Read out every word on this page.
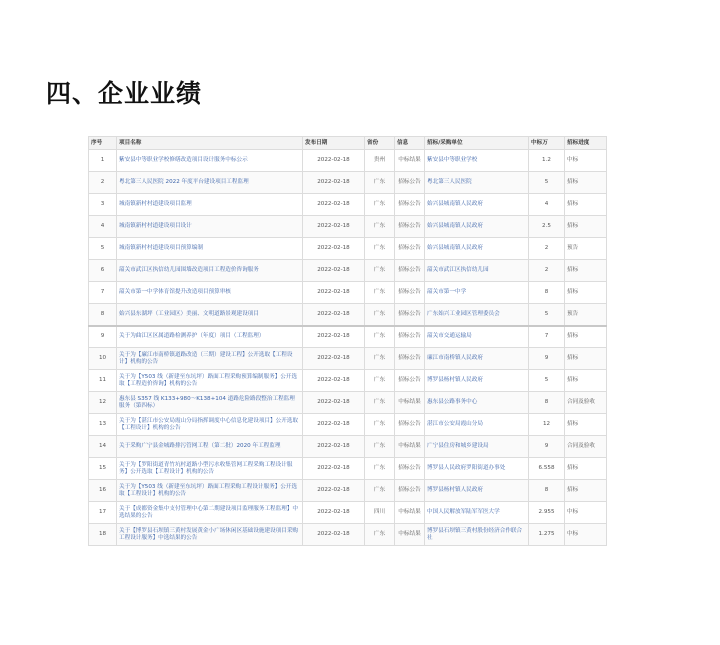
四、企业业绩
序号	项目名称	发布日期	省份	信息	招标/采购单位	中标万	招标进度
1	紫安县中等职业学校修缮改造项目设计服务中标公示	2022-02-18	贵州	中标结果	紫安县中等职业学校	1.2	中标
2	粤北第三人民医院 2022 年度平台建设项目工程监理	2022-02-18	广东	招标公告	粤北第三人民医院	5	招标
3	城南镇新村村道建设项目监理	2022-02-18	广东	招标公告	始兴县城南镇人民政府	4	招标
4	城南镇新村村道建设项目设计	2022-02-18	广东	招标公告	始兴县城南镇人民政府	2.5	招标
5	城南镇新村村道建设项目预算编制	2022-02-18	广东	招标公告	始兴县城南镇人民政府	2	预告
6	韶关市武江区执信幼儿园围墙改造项目工程造价咨询服务	2022-02-18	广东	招标公告	韶关市武江区执信幼儿园	2	招标
7	韶关市第一中学体育馆提升改造项目预算审核	2022-02-18	广东	招标公告	韶关市第一中学	8	招标
8	始兴县东湖坪（工业园区）美丽、文明道路景观建设项目	2022-02-18	广东	招标公告	广东始兴工业园区管理委员会	5	预告
9	关于为曲江区区属道路检测养护（年度）项目（工程监理）	2022-02-18	广东	招标公告	韶关市交通运输局	7	招标
10	关于为【廉江市南桥镇道路改造（三期）建设工程】公开选取【工程设计】机构的公告	2022-02-18	广东	招标公告	廉江市南桥镇人民政府	9	招标
11	关于为【Y503 线（新建至东坑坪）路面工程采购预算编制服务】公开选取【工程造价咨询】机构的公告	2022-02-18	广东	招标公告	博罗县杨村镇人民政府	5	招标
12	惠东县 S357 线 K133+980～K138+104 道路危险路段整治工程监理服务（第四标）	2022-02-18	广东	中标结果	惠东县公路事务中心	8	合同及验收
13	关于为【湛江市公安局霞山分局指挥调度中心信息化建设项目】公开选取【工程设计】机构的公告	2022-02-18	广东	招标公告	湛江市公安局霞山分局	12	招标
14	关于采购广宁县金城路排污管网工程（第二批）2020 年工程监理	2022-02-18	广东	中标结果	广宁县住房和城乡建设局	9	合同及验收
15	关于为【罗阳街道青竹坑村道路小型污水收集管网工程采购工程设计服务】公开选取【工程设计】机构的公告	2022-02-18	广东	招标公告	博罗县人民政府罗阳街道办事处	6.558	招标
16	关于为【Y503 线（新建至东坑坪）路面工程采购工程设计服务】公开选取【工程设计】机构的公告	2022-02-18	广东	招标公告	博罗县杨村镇人民政府	8	招标
17	关于【成都资金集中支付管理中心第二期建设项目监理服务工程监理】中选结果的公告	2022-02-18	四川	中标结果	中国人民解放军陆军军医大学	2.955	中标
18	关于【博罗县石坝镇三黄村发展黄金小广场休闲区基础设施建设项目采购工程设计服务】中选结果的公告	2022-02-18	广东	中标结果	博罗县石坝镇三黄村股份经济合作联合社	1.275	中标
